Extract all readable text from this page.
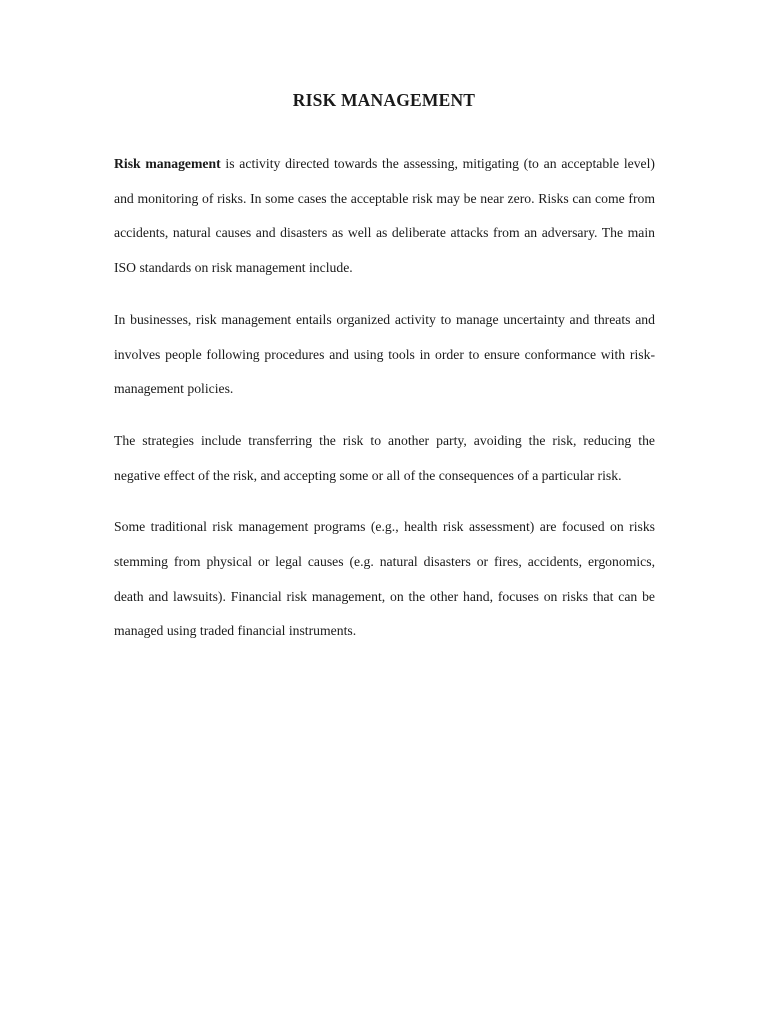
RISK MANAGEMENT

Risk management is activity directed towards the assessing, mitigating (to an acceptable level) and monitoring of risks. In some cases the acceptable risk may be near zero. Risks can come from accidents, natural causes and disasters as well as deliberate attacks from an adversary. The main ISO standards on risk management include.

In businesses, risk management entails organized activity to manage uncertainty and threats and involves people following procedures and using tools in order to ensure conformance with risk-management policies.

The strategies include transferring the risk to another party, avoiding the risk, reducing the negative effect of the risk, and accepting some or all of the consequences of a particular risk.

Some traditional risk management programs (e.g., health risk assessment) are focused on risks stemming from physical or legal causes (e.g. natural disasters or fires, accidents, ergonomics, death and lawsuits). Financial risk management, on the other hand, focuses on risks that can be managed using traded financial instruments.
